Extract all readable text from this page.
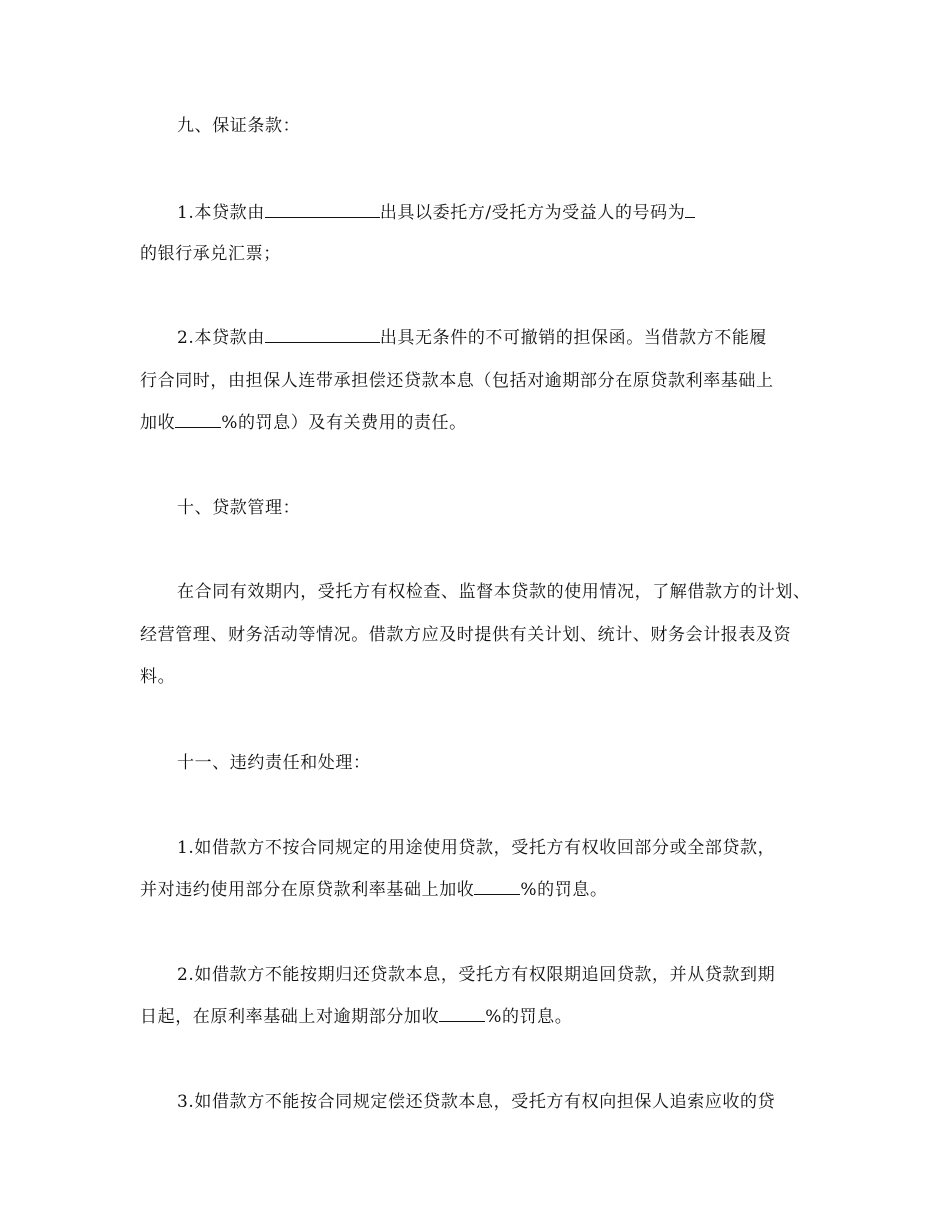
九、保证条款：
1.本贷款由	出具以委托方/受托方为受益人的号码为
的银行承兑汇票；
2.本贷款由	出具无条件的不可撤销的担保函。当借款方不能履
行合同时，由担保人连带承担偿还贷款本息（包括对逾期部分在原贷款利率基础上
加收	%的罚息）及有关费用的责任。
十、贷款管理：
在合同有效期内，受托方有权检查、监督本贷款的使用情况，了解借款方的计划、
经营管理、财务活动等情况。借款方应及时提供有关计划、统计、财务会计报表及资
料。
十一、违约责任和处理：
1.如借款方不按合同规定的用途使用贷款，受托方有权收回部分或全部贷款，
并对违约使用部分在原贷款利率基础上加收	%的罚息。
2.如借款方不能按期归还贷款本息，受托方有权限期追回贷款，并从贷款到期
日起，在原利率基础上对逾期部分加收	%的罚息。
3.如借款方不能按合同规定偿还贷款本息，受托方有权向担保人追索应收的贷
